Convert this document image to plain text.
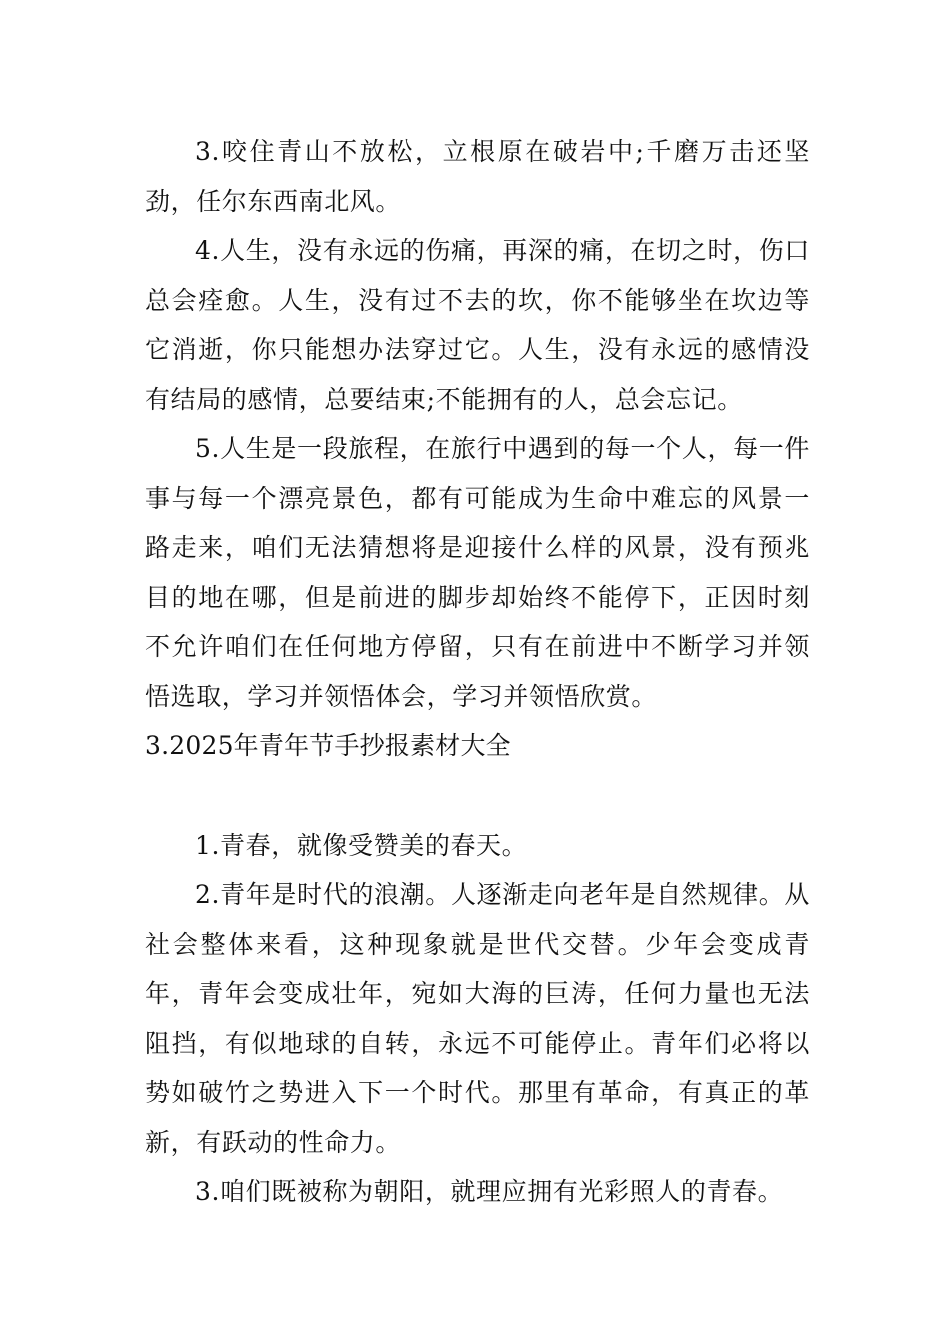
3.咬住青山不放松，立根原在破岩中;千磨万击还坚劲，任尔东西南北风。

4.人生，没有永远的伤痛，再深的痛，在切之时，伤口总会痊愈。人生，没有过不去的坎，你不能够坐在坎边等它消逝，你只能想办法穿过它。人生，没有永远的感情没有结局的感情，总要结束;不能拥有的人，总会忘记。

5.人生是一段旅程，在旅行中遇到的每一个人，每一件事与每一个漂亮景色，都有可能成为生命中难忘的风景一路走来，咱们无法猜想将是迎接什么样的风景，没有预兆目的地在哪，但是前进的脚步却始终不能停下，正因时刻不允许咱们在任何地方停留，只有在前进中不断学习并领悟选取，学习并领悟体会，学习并领悟欣赏。

3.2025年青年节手抄报素材大全

1.青春，就像受赞美的春天。

2.青年是时代的浪潮。人逐渐走向老年是自然规律。从社会整体来看，这种现象就是世代交替。少年会变成青年，青年会变成壮年，宛如大海的巨涛，任何力量也无法阻挡，有似地球的自转，永远不可能停止。青年们必将以势如破竹之势进入下一个时代。那里有革命，有真正的革新，有跃动的性命力。

3.咱们既被称为朝阳，就理应拥有光彩照人的青春。
